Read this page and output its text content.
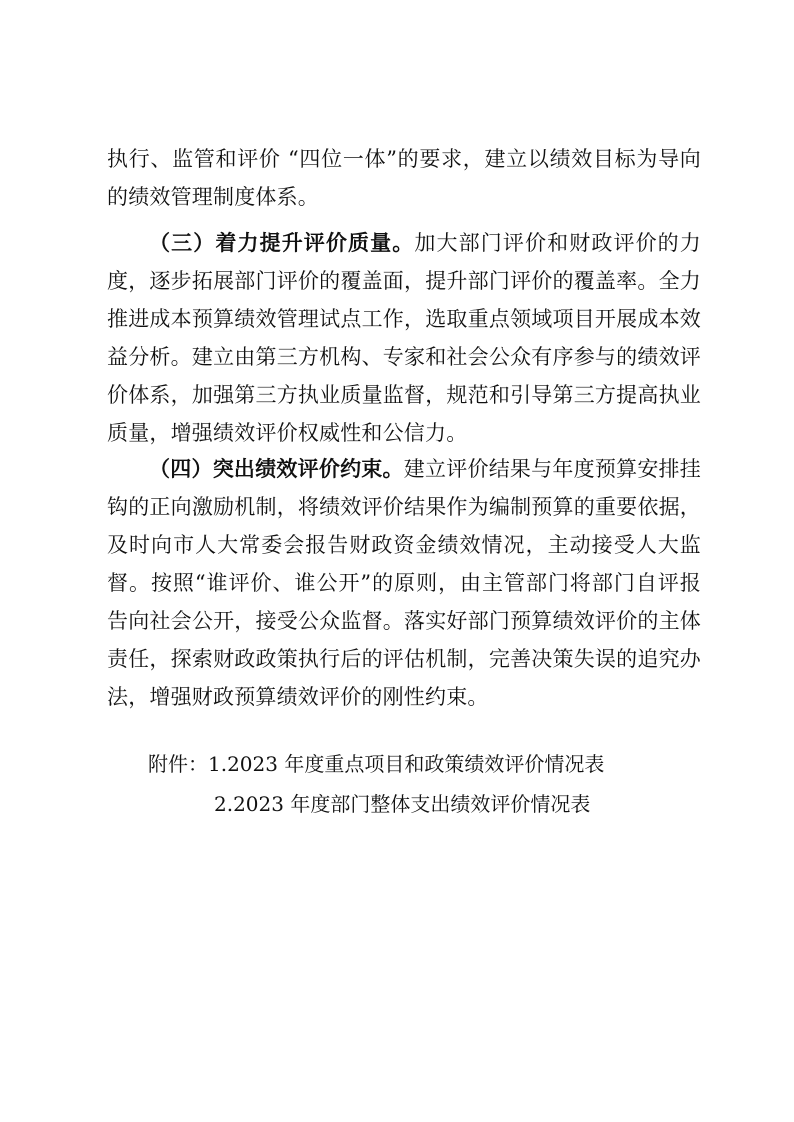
执行、监管和评价 “四位一体”的要求，建立以绩效目标为导向的绩效管理制度体系。

（三）着力提升评价质量。加大部门评价和财政评价的力度，逐步拓展部门评价的覆盖面，提升部门评价的覆盖率。全力推进成本预算绩效管理试点工作，选取重点领域项目开展成本效益分析。建立由第三方机构、专家和社会公众有序参与的绩效评价体系，加强第三方执业质量监督，规范和引导第三方提高执业质量，增强绩效评价权威性和公信力。

（四）突出绩效评价约束。建立评价结果与年度预算安排挂钩的正向激励机制，将绩效评价结果作为编制预算的重要依据，及时向市人大常委会报告财政资金绩效情况，主动接受人大监督。按照“谁评价、谁公开”的原则，由主管部门将部门自评报告向社会公开，接受公众监督。落实好部门预算绩效评价的主体责任，探索财政政策执行后的评估机制，完善决策失误的追究办法，增强财政预算绩效评价的刚性约束。

附件：1.2023 年度重点项目和政策绩效评价情况表
2.2023 年度部门整体支出绩效评价情况表
